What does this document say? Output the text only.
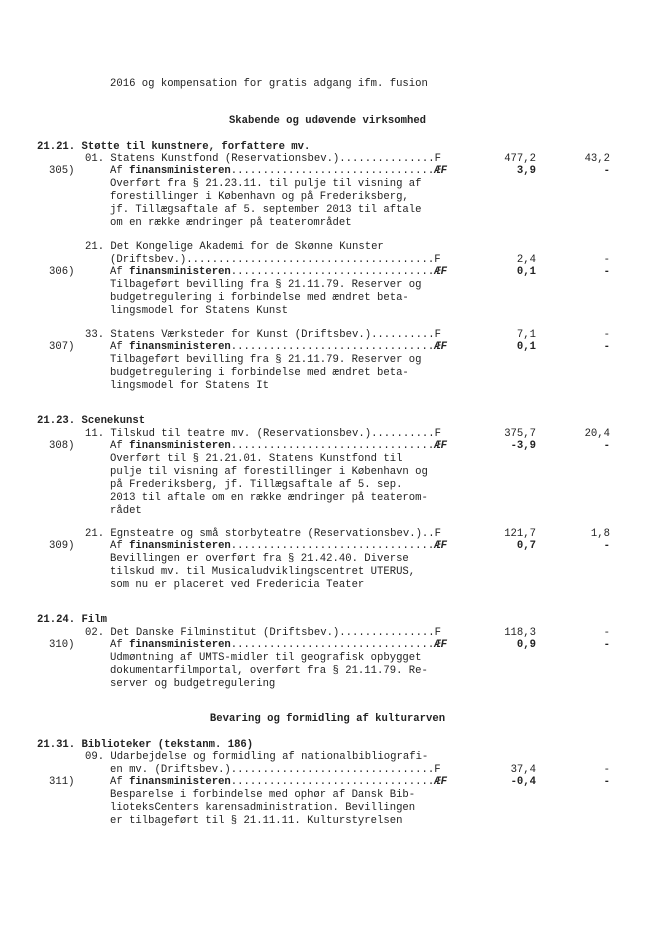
2016 og kompensation for gratis adgang ifm. fusion
Skabende og udøvende virksomhed
21.21. Støtte til kunstnere, forfattere mv.
01. Statens Kunstfond (Reservationsbev.)...............F	477,2	43,2
305)	Af finansministeren................................ÆF	3,9	-
Overført fra § 21.23.11. til pulje til visning af
forestillinger i København og på Frederiksberg,
jf. Tillægsaftale af 5. september 2013 til aftale
om en række ændringer på teaterområdet
21. Det Kongelige Akademi for de Skønne Kunster
(Driftsbev.).......................................F	2,4	-
306)	Af finansministeren................................ÆF	0,1	-
Tilbageført bevilling fra § 21.11.79. Reserver og
budgetregulering i forbindelse med ændret beta-
lingsmodel for Statens Kunst
33. Statens Værksteder for Kunst (Driftsbev.)..........F	7,1	-
307)	Af finansministeren................................ÆF	0,1	-
Tilbageført bevilling fra § 21.11.79. Reserver og
budgetregulering i forbindelse med ændret beta-
lingsmodel for Statens It
21.23. Scenekunst
11. Tilskud til teatre mv. (Reservationsbev.)..........F	375,7	20,4
308)	Af finansministeren................................ÆF	-3,9	-
Overført til § 21.21.01. Statens Kunstfond til
pulje til visning af forestillinger i København og
på Frederiksberg, jf. Tillægsaftale af 5. sep.
2013 til aftale om en række ændringer på teaterom-
rådet
21. Egnsteatre og små storbyteatre (Reservationsbev.)..F	121,7	1,8
309)	Af finansministeren................................ÆF	0,7	-
Bevillingen er overført fra § 21.42.40. Diverse
tilskud mv. til Musicaludviklingscentret UTERUS,
som nu er placeret ved Fredericia Teater
21.24. Film
02. Det Danske Filminstitut (Driftsbev.)...............F	118,3	-
310)	Af finansministeren................................ÆF	0,9	-
Udmøntning af UMTS-midler til geografisk opbygget
dokumentarfilmportal, overført fra § 21.11.79. Re-
server og budgetregulering
Bevaring og formidling af kulturarven
21.31. Biblioteker (tekstanm. 186)
09. Udarbejdelse og formidling af nationalbibliografi-
en mv. (Driftsbev.)................................F	37,4	-
311)	Af finansministeren................................ÆF	-0,4	-
Besparelse i forbindelse med ophør af Dansk Bib-
lioteksCenters karensadministration. Bevillingen
er tilbageført til § 21.11.11. Kulturstyrelsen
